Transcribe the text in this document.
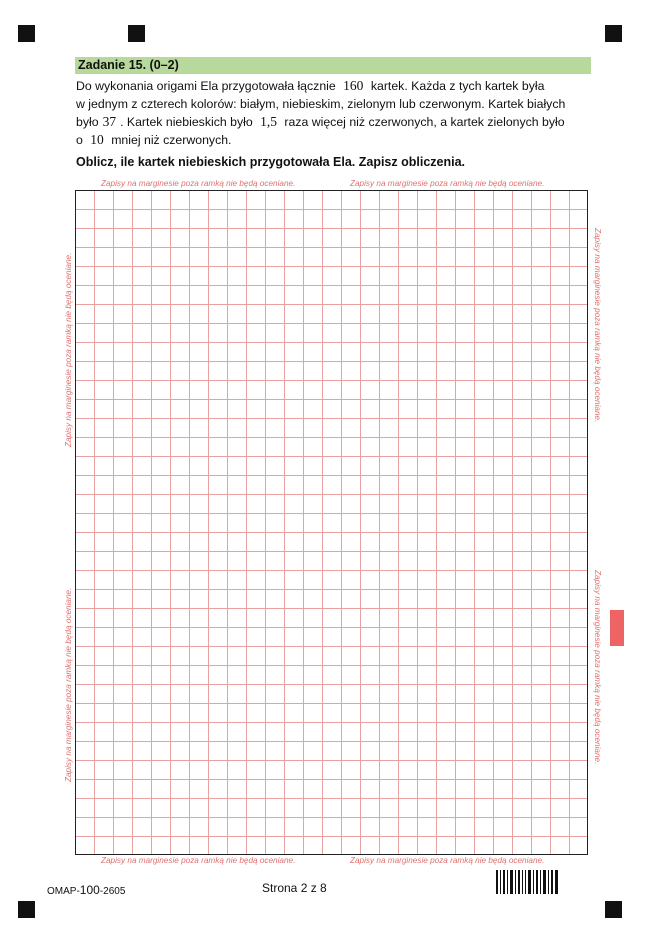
Zadanie 15. (0–2)
Do wykonania origami Ela przygotowała łącznie 160 kartek. Każda z tych kartek była
w jednym z czterech kolorów: białym, niebieskim, zielonym lub czerwonym. Kartek białych
było 37 . Kartek niebieskich było 1,5 raza więcej niż czerwonych, a kartek zielonych było
o 10 mniej niż czerwonych.
Oblicz, ile kartek niebieskich przygotowała Ela. Zapisz obliczenia.
Zapisy na marginesie poza ramką nie będą oceniane.	Zapisy na marginesie poza ramką nie będą oceniane.
Zapisy na marginesie poza ramką nie będą oceniane.	Zapisy na marginesie poza ramką nie będą oceniane.
Zapisy na marginesie poza ramką nie będą oceniane.
Zapisy na marginesie poza ramką nie będą oceniane.
Zapisy na marginesie poza ramką nie będą oceniane.
Zapisy na marginesie poza ramką nie będą oceniane.
OMAP-100-2605	Strona 2 z 8
